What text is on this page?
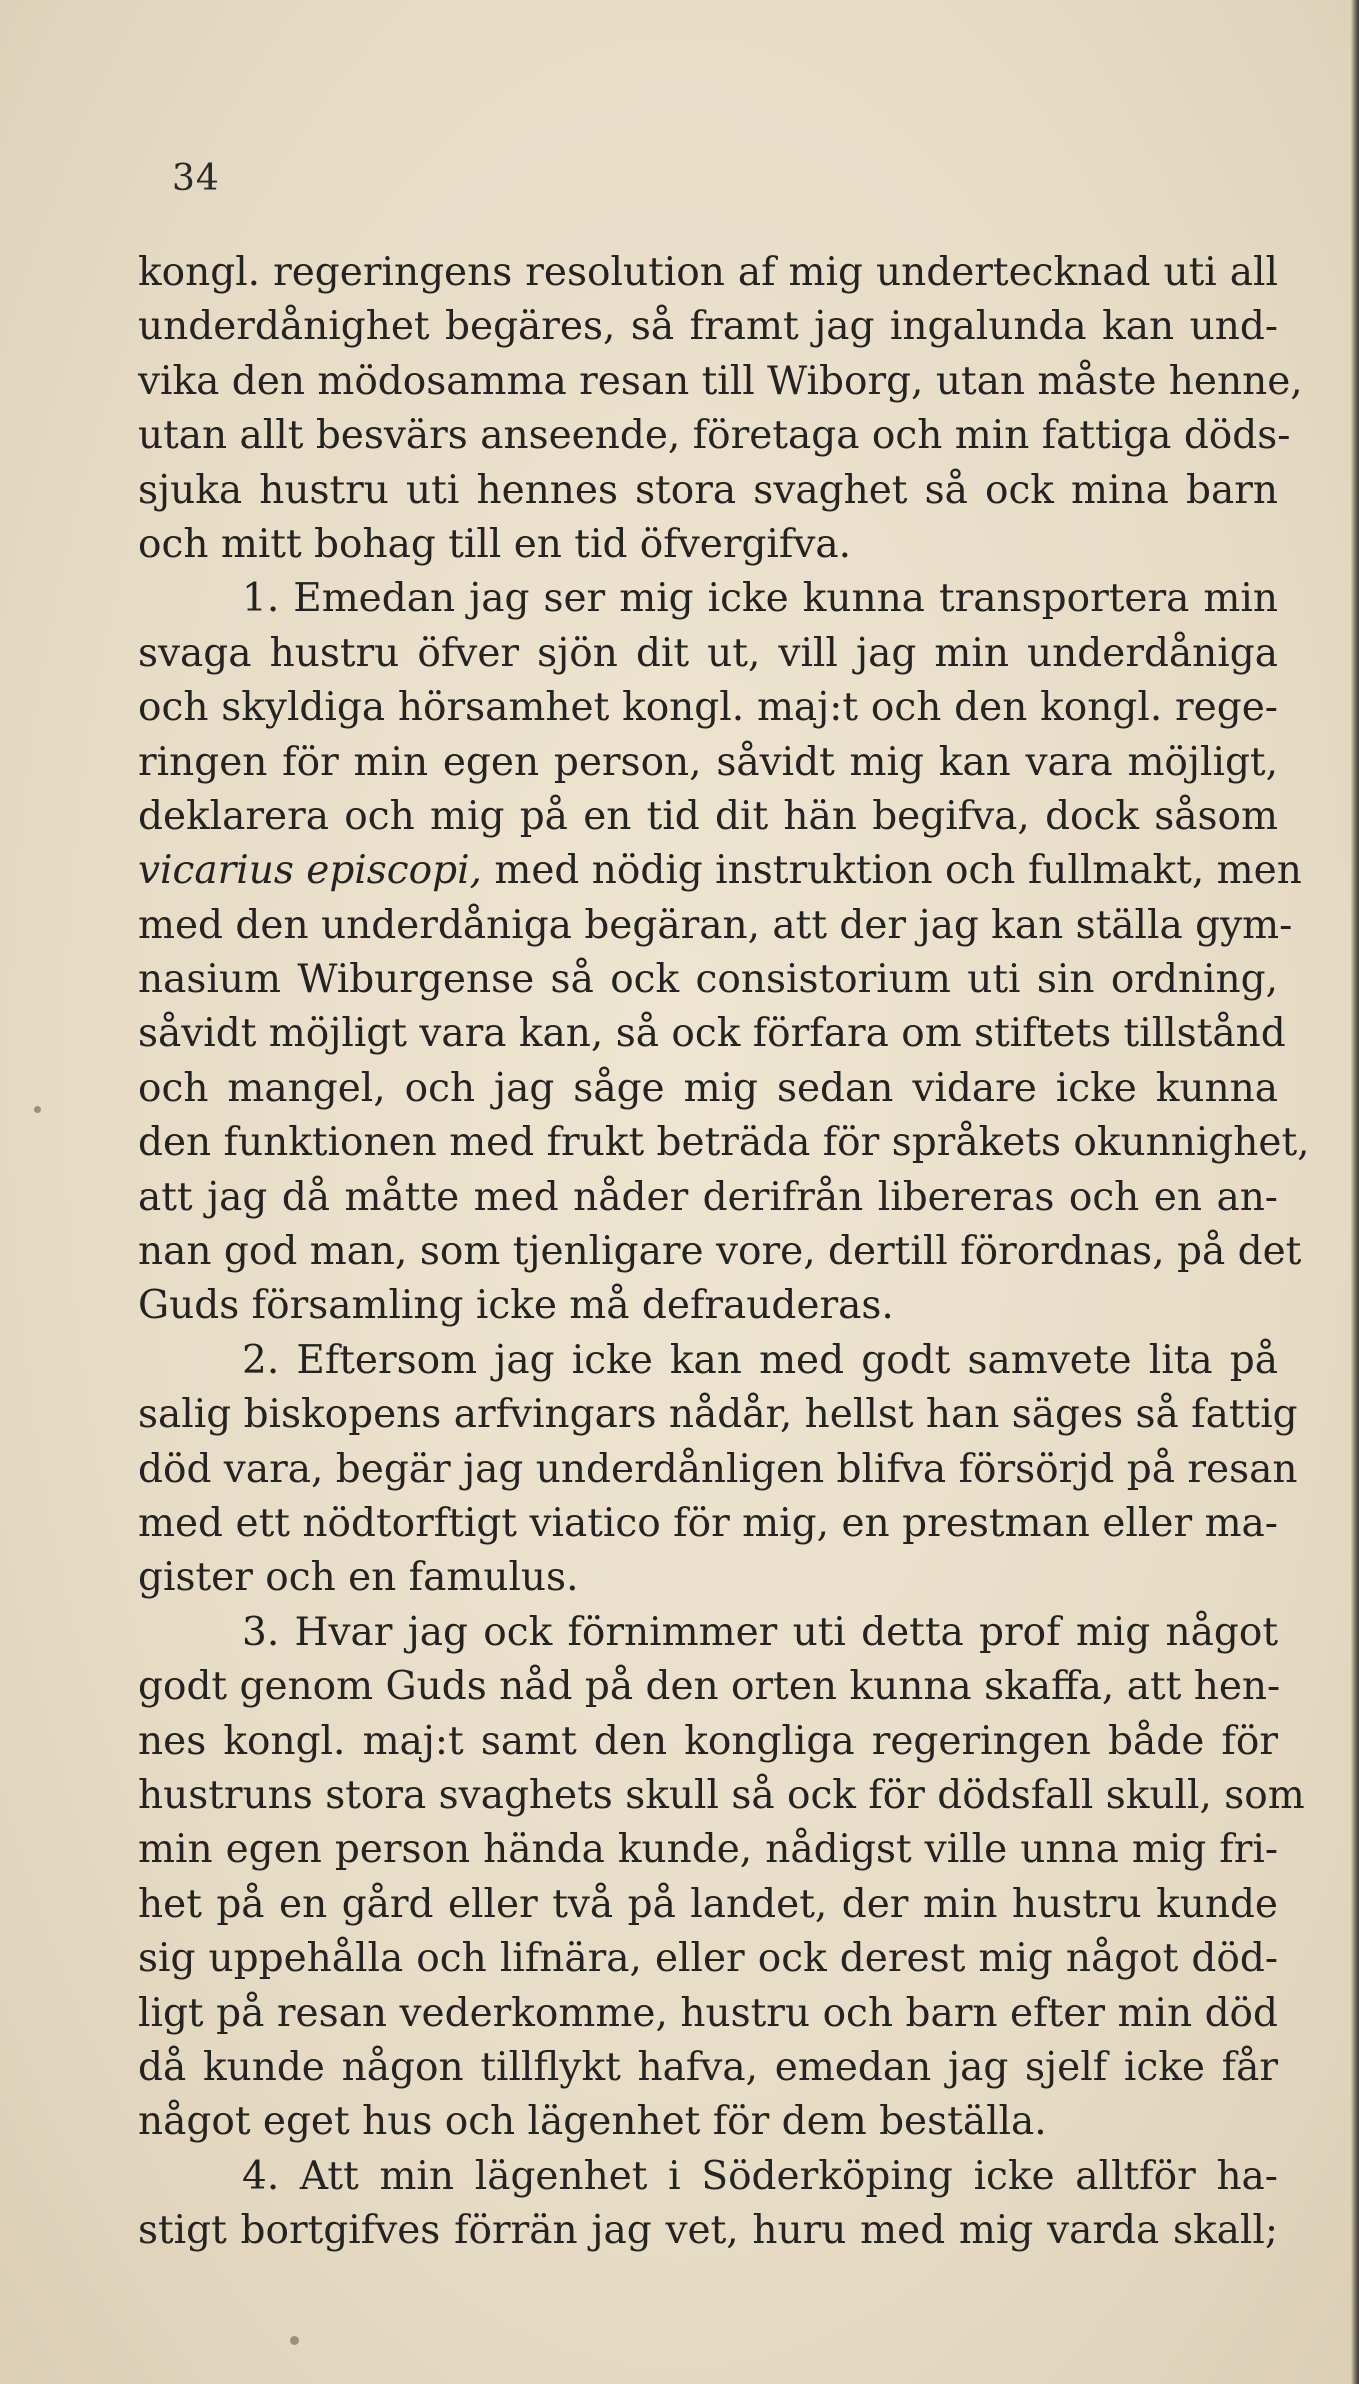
34
kongl. regeringens resolution af mig undertecknad uti all
underdånighet begäres, så framt jag ingalunda kan und-
vika den mödosamma resan till Wiborg, utan måste henne,
utan allt besvärs anseende, företaga och min fattiga döds-
sjuka hustru uti hennes stora svaghet så ock mina barn
och mitt bohag till en tid öfvergifva.
1. Emedan jag ser mig icke kunna transportera min
svaga hustru öfver sjön dit ut, vill jag min underdåniga
och skyldiga hörsamhet kongl. maj:t och den kongl. rege-
ringen för min egen person, såvidt mig kan vara möjligt,
deklarera och mig på en tid dit hän begifva, dock såsom
vicarius episcopi, med nödig instruktion och fullmakt, men
med den underdåniga begäran, att der jag kan ställa gym-
nasium Wiburgense så ock consistorium uti sin ordning,
såvidt möjligt vara kan, så ock förfara om stiftets tillstånd
och mangel, och jag såge mig sedan vidare icke kunna
den funktionen med frukt beträda för språkets okunnighet,
att jag då måtte med nåder derifrån libereras och en an-
nan god man, som tjenligare vore, dertill förordnas, på det
Guds församling icke må defrauderas.
2. Eftersom jag icke kan med godt samvete lita på
salig biskopens arfvingars nådår, hellst han säges så fattig
död vara, begär jag underdånligen blifva försörjd på resan
med ett nödtorftigt viatico för mig, en prestman eller ma-
gister och en famulus.
3. Hvar jag ock förnimmer uti detta prof mig något
godt genom Guds nåd på den orten kunna skaffa, att hen-
nes kongl. maj:t samt den kongliga regeringen både för
hustruns stora svaghets skull så ock för dödsfall skull, som
min egen person hända kunde, nådigst ville unna mig fri-
het på en gård eller två på landet, der min hustru kunde
sig uppehålla och lifnära, eller ock derest mig något död-
ligt på resan vederkomme, hustru och barn efter min död
då kunde någon tillflykt hafva, emedan jag sjelf icke får
något eget hus och lägenhet för dem beställa.
4. Att min lägenhet i Söderköping icke alltför ha-
stigt bortgifves förrän jag vet, huru med mig varda skall;
